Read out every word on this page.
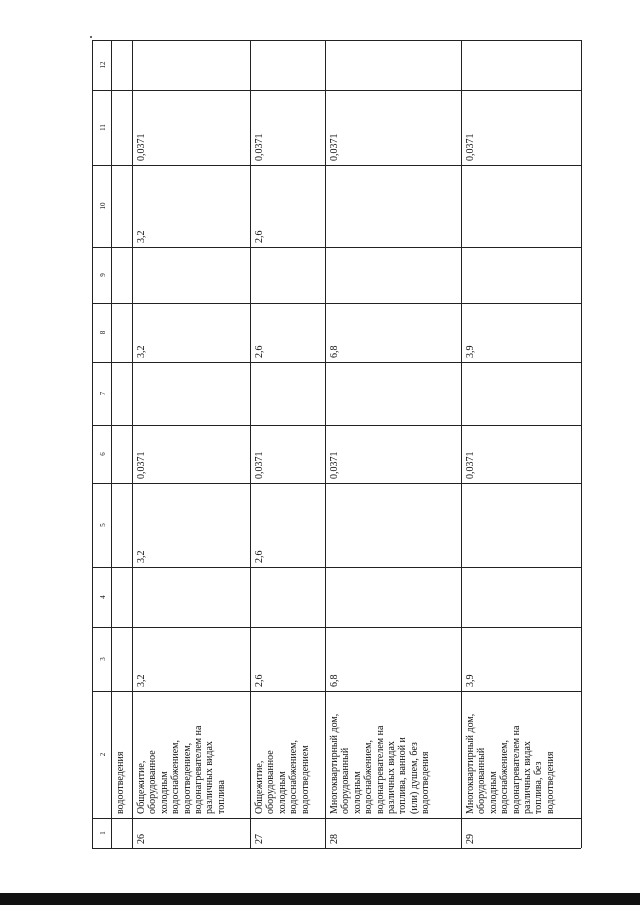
1
2
3
4
5
6
7
8
9
10
11
12
водоотведения
26
Общежитие,
оборудованное
холодным
водоснабжением,
водоотведением,
водонагревателем на
различных видах
топлива
3,2
3,2
0,0371
3,2
3,2
0,0371
27
Общежитие,
оборудованное
холодным
водоснабжением,
водоотведением
2,6
2,6
0,0371
2,6
2,6
0,0371
28
Многоквартирный дом,
оборудованный
холодным
водоснабжением,
водонагревателем на
различных видах
топлива, ванной и
(или) душем, без
водоотведения
6,8
0,0371
6,8
0,0371
29
Многоквартирный дом,
оборудованный
холодным
водоснабжением,
водонагревателем на
различных видах
топлива, без
водоотведения
3,9
0,0371
3,9
0,0371
